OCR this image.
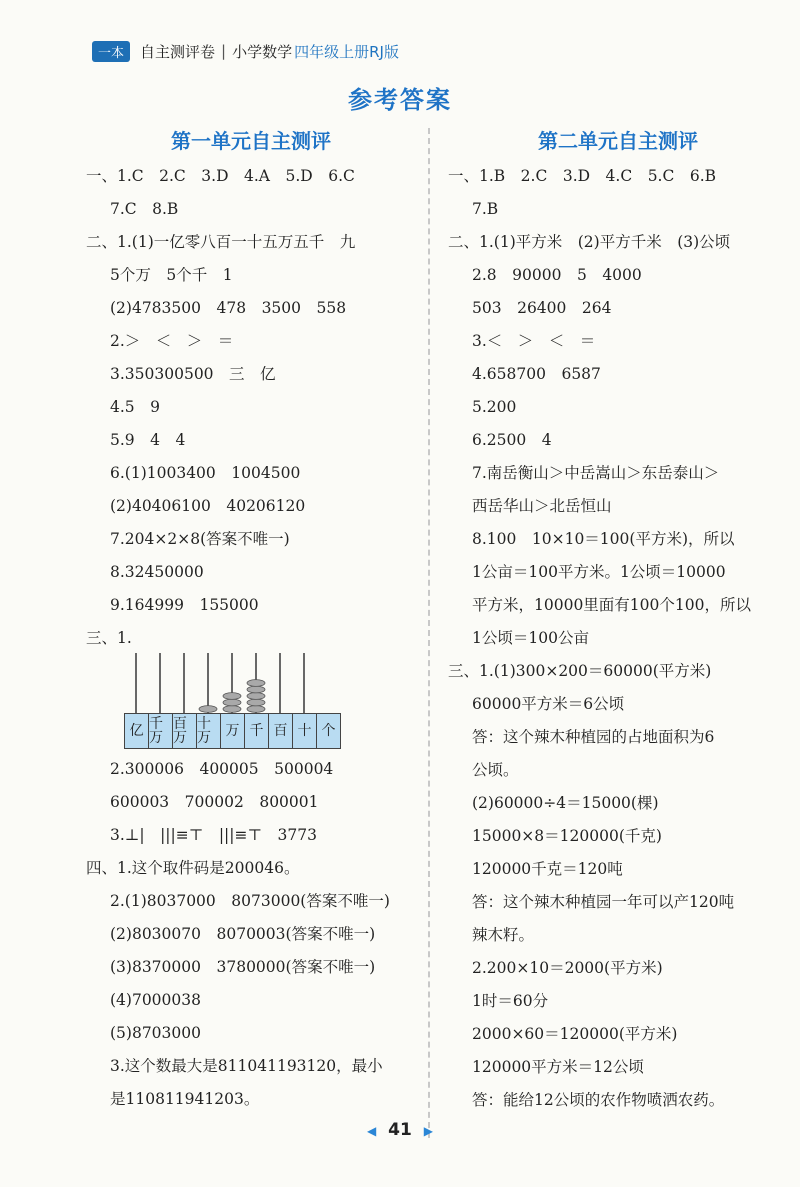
一本	自主测评卷 | 小学数学 四年级上册RJ版
参考答案
第一单元自主测评
一、1.C　2.C　3.D　4.A　5.D　6.C
7.C　8.B
二、1.(1)一亿零八百一十五万五千　九
5个万　5个千　1
(2)4783500　478　3500　558
2.＞　＜　＞　＝
3.350300500　三　亿
4.5　9
5.9　4　4
6.(1)1003400　1004500
(2)40406100　40206120
7.204×2×8(答案不唯一)
8.32450000
9.164999　155000
三、1.
亿 千万
百万
十万	万 千 百 十 个
2.300006　400005　500004
600003　700002　800001
3.⊥|　|||≡⊤　|||≡⊤　3773
四、1.这个取件码是200046。
2.(1)8037000　8073000(答案不唯一)
(2)8030070　8070003(答案不唯一)
(3)8370000　3780000(答案不唯一)
(4)7000038
(5)8703000
3.这个数最大是811041193120，最小
是110811941203。
第二单元自主测评
一、1.B　2.C　3.D　4.C　5.C　6.B
7.B
二、1.(1)平方米　(2)平方千米　(3)公顷
2.8　90000　5　4000
503　26400　264
3.＜　＞　＜　＝
4.658700　6587
5.200
6.2500　4
7.南岳衡山＞中岳嵩山＞东岳泰山＞
西岳华山＞北岳恒山
8.100　10×10＝100(平方米)，所以
1公亩＝100平方米。1公顷＝10000
平方米，10000里面有100个100，所以
1公顷＝100公亩
三、1.(1)300×200＝60000(平方米)
60000平方米＝6公顷
答：这个辣木种植园的占地面积为6
公顷。
(2)60000÷4＝15000(棵)
15000×8＝120000(千克)
120000千克＝120吨
答：这个辣木种植园一年可以产120吨
辣木籽。
2.200×10＝2000(平方米)
1时＝60分
2000×60＝120000(平方米)
120000平方米＝12公顷
答：能给12公顷的农作物喷洒农药。
◀ 41 ▶
